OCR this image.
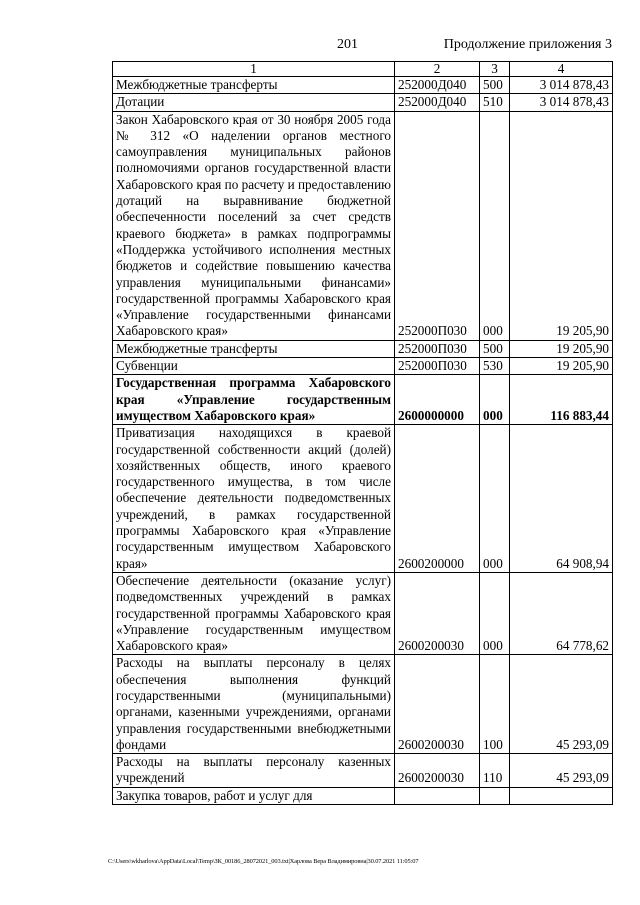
201	Продолжение приложения 3
1	2	3	4
Межбюджетные трансферты	252000Д040	500	3 014 878,43
Дотации	252000Д040	510	3 014 878,43
Закон Хабаровского края от 30 ноября 2005 года № 312 «О наделении органов местного самоуправления муниципальных районов полномочиями органов государственной власти Хабаровского края по расчету и предоставлению дотаций на выравнивание бюджетной обеспеченности поселений за счет средств краевого бюджета» в рамках подпрограммы «Поддержка устойчивого исполнения местных бюджетов и содействие повышению качества управления муниципальными финансами» государственной программы Хабаровского края «Управление государственными финансами Хабаровского края»	252000П030	000	19 205,90
Межбюджетные трансферты	252000П030	500	19 205,90
Субвенции	252000П030	530	19 205,90
Государственная программа Хабаровского края «Управление государственным имуществом Хабаровского края»	2600000000	000	116 883,44
Приватизация находящихся в краевой государственной собственности акций (долей) хозяйственных обществ, иного краевого государственного имущества, в том числе обеспечение деятельности подведомственных учреждений, в рамках государственной программы Хабаровского края «Управление государственным имуществом Хабаровского края»	2600200000	000	64 908,94
Обеспечение деятельности (оказание услуг) подведомственных учреждений в рамках государственной программы Хабаровского края «Управление государственным имуществом Хабаровского края»	2600200030	000	64 778,62
Расходы на выплаты персоналу в целях обеспечения выполнения функций государственными (муниципальными) органами, казенными учреждениями, органами управления государственными внебюджетными фондами	2600200030	100	45 293,09
Расходы на выплаты персоналу казенных учреждений	2600200030	110	45 293,09
Закупка товаров, работ и услуг для			
C:\Users\wkharlova\AppData\Local\Temp\ЗК_00186_28072021_003.txt|Харлова Вера Владимировна|30.07.2021 11:05:07
